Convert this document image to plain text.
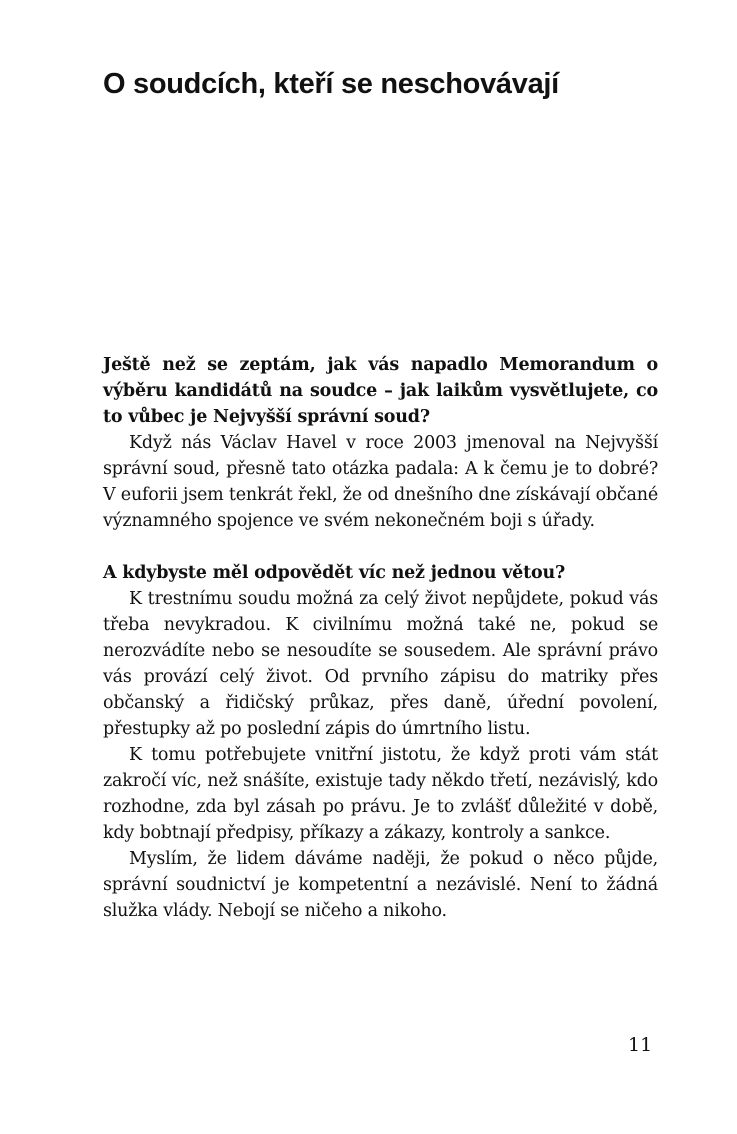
O soudcích, kteří se neschovávají

Ještě než se zeptám, jak vás napadlo Memorandum o výběru kandidátů na soudce – jak laikům vysvětlujete, co to vůbec je Nejvyšší správní soud?

Když nás Václav Havel v roce 2003 jmenoval na Nejvyšší správní soud, přesně tato otázka padala: A k čemu je to dobré? V euforii jsem tenkrát řekl, že od dnešního dne získávají občané významného spojence ve svém nekonečném boji s úřady.

A kdybyste měl odpovědět víc než jednou větou?

K trestnímu soudu možná za celý život nepůjdete, pokud vás třeba nevykradou. K civilnímu možná také ne, pokud se nerozvádíte nebo se nesoudíte se sousedem. Ale správní právo vás provází celý život. Od prvního zápisu do matriky přes občanský a řidičský průkaz, přes daně, úřední povolení, přestupky až po poslední zápis do úmrtního listu.

K tomu potřebujete vnitřní jistotu, že když proti vám stát zakročí víc, než snášíte, existuje tady někdo třetí, nezávislý, kdo rozhodne, zda byl zásah po právu. Je to zvlášť důležité v době, kdy bobtnají předpisy, příkazy a zákazy, kontroly a sankce.

Myslím, že lidem dáváme naději, že pokud o něco půjde, správní soudnictví je kompetentní a nezávislé. Není to žádná služka vlády. Nebojí se ničeho a nikoho.

11
